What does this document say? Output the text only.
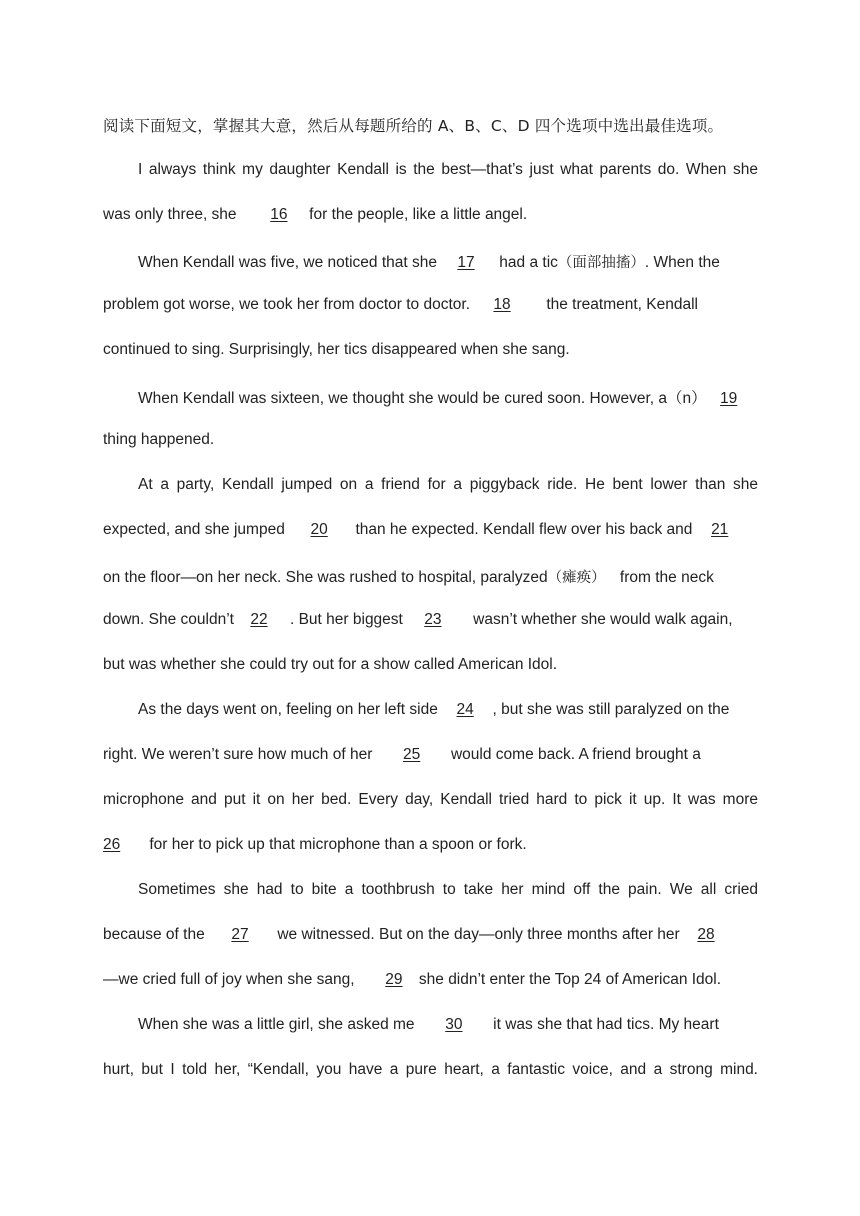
阅读下面短文，掌握其大意，然后从每题所给的 A、B、C、D 四个选项中选出最佳选项。
I always think my daughter Kendall is the best—that’s just what parents do. When she
was only three, she 16 for the people, like a little angel.
When Kendall was five, we noticed that she 17 had a tic（面部抽搐）. When the
problem got worse, we took her from doctor to doctor. 18 the treatment, Kendall
continued to sing. Surprisingly, her tics disappeared when she sang.
When Kendall was sixteen, we thought she would be cured soon. However, a（n） 19
thing happened.
At a party, Kendall jumped on a friend for a piggyback ride. He bent lower than she
expected, and she jumped 20 than he expected. Kendall flew over his back and 21
on the floor—on her neck. She was rushed to hospital, paralyzed（瘫痪） from the neck
down. She couldn’t 22 . But her biggest 23 wasn’t whether she would walk again,
but was whether she could try out for a show called American Idol.
As the days went on, feeling on her left side 24 , but she was still paralyzed on the
right. We weren’t sure how much of her 25 would come back. A friend brought a
microphone and put it on her bed. Every day, Kendall tried hard to pick it up. It was more
26 for her to pick up that microphone than a spoon or fork.
Sometimes she had to bite a toothbrush to take her mind off the pain. We all cried
because of the 27 we witnessed. But on the day—only three months after her 28
—we cried full of joy when she sang, 29 she didn’t enter the Top 24 of American Idol.
When she was a little girl, she asked me 30 it was she that had tics. My heart
hurt, but I told her, “Kendall, you have a pure heart, a fantastic voice, and a strong mind.
